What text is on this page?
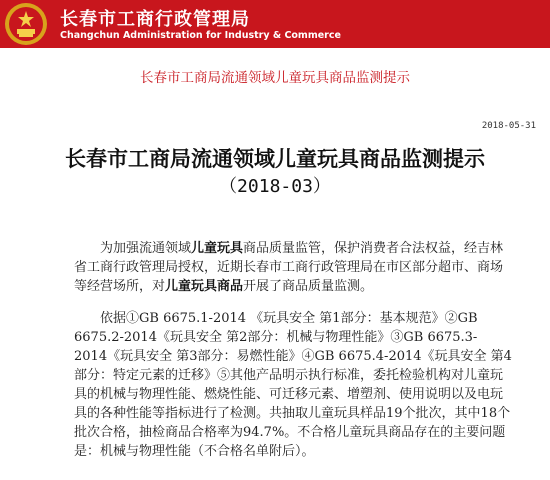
长春市工商行政管理局
Changchun Administration for Industry & Commerce
长春市工商局流通领域儿童玩具商品监测提示
2018-05-31
长春市工商局流通领域儿童玩具商品监测提示
（2018-03）
为加强流通领域儿童玩具商品质量监管，保护消费者合法权益，经吉林
省工商行政管理局授权，近期长春市工商行政管理局在市区部分超市、商场
等经营场所，对儿童玩具商品开展了商品质量监测。
依据①GB 6675.1-2014 《玩具安全 第1部分：基本规范》②GB
6675.2-2014《玩具安全 第2部分：机械与物理性能》③GB 6675.3-
2014《玩具安全 第3部分：易燃性能》④GB 6675.4-2014《玩具安全 第4
部分：特定元素的迁移》⑤其他产品明示执行标准，委托检验机构对儿童玩
具的机械与物理性能、燃烧性能、可迁移元素、增塑剂、使用说明以及电玩
具的各种性能等指标进行了检测。共抽取儿童玩具样品19个批次，其中18个
批次合格，抽检商品合格率为94.7%。不合格儿童玩具商品存在的主要问题
是：机械与物理性能（不合格名单附后）。
